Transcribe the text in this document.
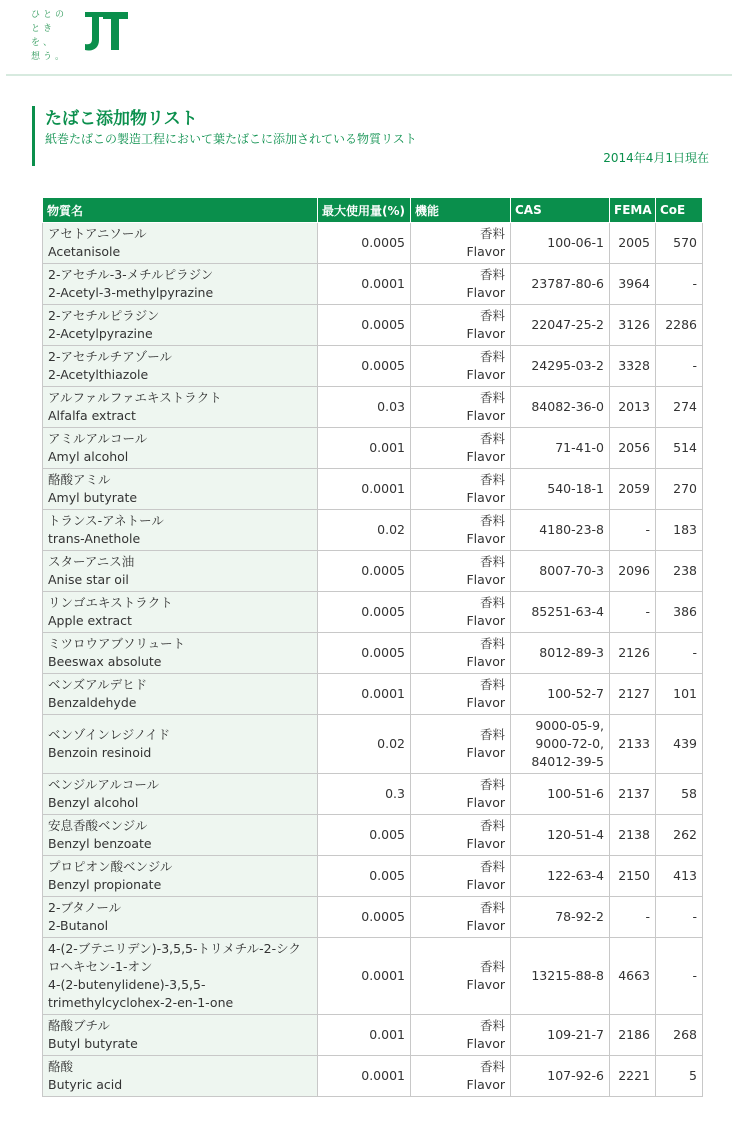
ひとの
ときを、
想う。
たばこ添加物リスト
紙巻たばこの製造工程において葉たばこに添加されている物質リスト
2014年4月1日現在
物質名	最大使用量(%)	機能	CAS	FEMA	CoE

アセトアニソール
Acetanisole	0.0005	香料
Flavor	100-06-1	2005	570

2-アセチル-3-メチルピラジン
2-Acetyl-3-methylpyrazine	0.0001	香料
Flavor	23787-80-6	3964	-

2-アセチルピラジン
2-Acetylpyrazine	0.0005	香料
Flavor	22047-25-2	3126	2286

2-アセチルチアゾール
2-Acetylthiazole	0.0005	香料
Flavor	24295-03-2	3328	-

アルファルファエキストラクト
Alfalfa extract	0.03	香料
Flavor	84082-36-0	2013	274

アミルアルコール
Amyl alcohol	0.001	香料
Flavor	71-41-0	2056	514

酪酸アミル
Amyl butyrate	0.0001	香料
Flavor	540-18-1	2059	270

トランス-アネトール
trans-Anethole	0.02	香料
Flavor	4180-23-8	-	183

スターアニス油
Anise star oil	0.0005	香料
Flavor	8007-70-3	2096	238

リンゴエキストラクト
Apple extract	0.0005	香料
Flavor	85251-63-4	-	386

ミツロウアブソリュート
Beeswax absolute	0.0005	香料
Flavor	8012-89-3	2126	-

ベンズアルデヒド
Benzaldehyde	0.0001	香料
Flavor	100-52-7	2127	101

ベンゾインレジノイド
Benzoin resinoid	0.02	香料
Flavor	9000-05-9,
9000-72-0,
84012-39-5	2133	439

ベンジルアルコール
Benzyl alcohol	0.3	香料
Flavor	100-51-6	2137	58

安息香酸ベンジル
Benzyl benzoate	0.005	香料
Flavor	120-51-4	2138	262

プロピオン酸ベンジル
Benzyl propionate	0.005	香料
Flavor	122-63-4	2150	413

2-ブタノール
2-Butanol	0.0005	香料
Flavor	78-92-2	-	-

4-(2-ブテニリデン)-3,5,5-トリメチル-2-シクロヘキセン-1-オン
4-(2-butenylidene)-3,5,5-trimethylcyclohex-2-en-1-one	0.0001	香料
Flavor	13215-88-8	4663	-

酪酸ブチル
Butyl butyrate	0.001	香料
Flavor	109-21-7	2186	268

酪酸
Butyric acid	0.0001	香料
Flavor	107-92-6	2221	5
